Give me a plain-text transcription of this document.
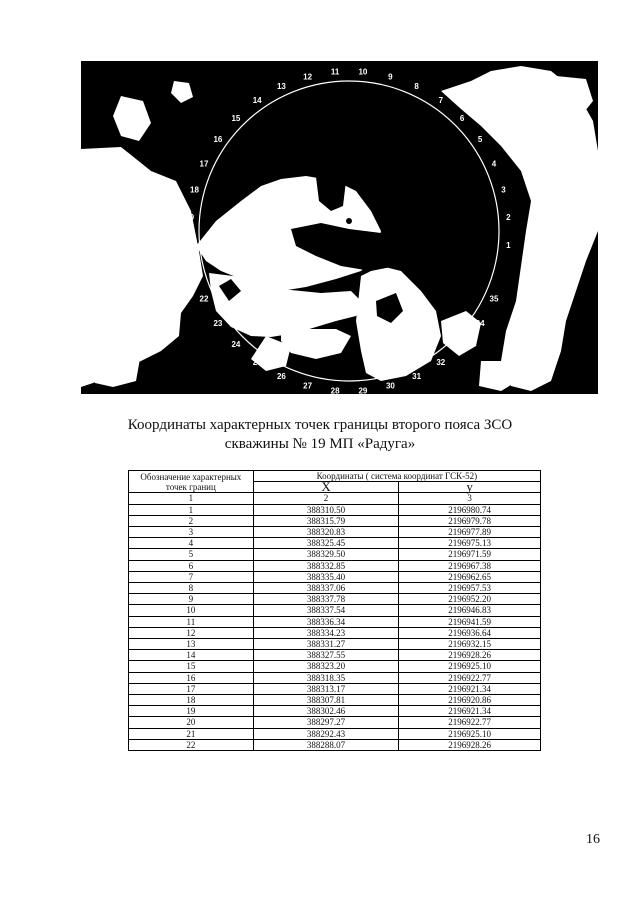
1
2
3
4
5
6
7
8
9
10
11
12
13
14
15
16
17
18
19
20
21
22
23
24
25
26
27
28 29
30
31
32
33
34
35
Координаты характерных точек границы второго пояса ЗСО
скважины № 19 МП «Радуга»
Обозначение характерных точек границ	Координаты ( система координат ГСК-52)	
	X	y
1	2	3
1	388310.50	2196980.74
2	388315.79	2196979.78
3	388320.83	2196977.89
4	388325.45	2196975.13
5	388329.50	2196971.59
6	388332.85	2196967.38
7	388335.40	2196962.65
8	388337.06	2196957.53
9	388337.78	2196952.20
10	388337.54	2196946.83
11	388336.34	2196941.59
12	388334.23	2196936.64
13	388331.27	2196932.15
14	388327.55	2196928.26
15	388323.20	2196925.10
16	388318.35	2196922.77
17	388313.17	2196921.34
18	388307.81	2196920.86
19	388302.46	2196921.34
20	388297.27	2196922.77
21	388292.43	2196925.10
22	388288.07	2196928.26
16
